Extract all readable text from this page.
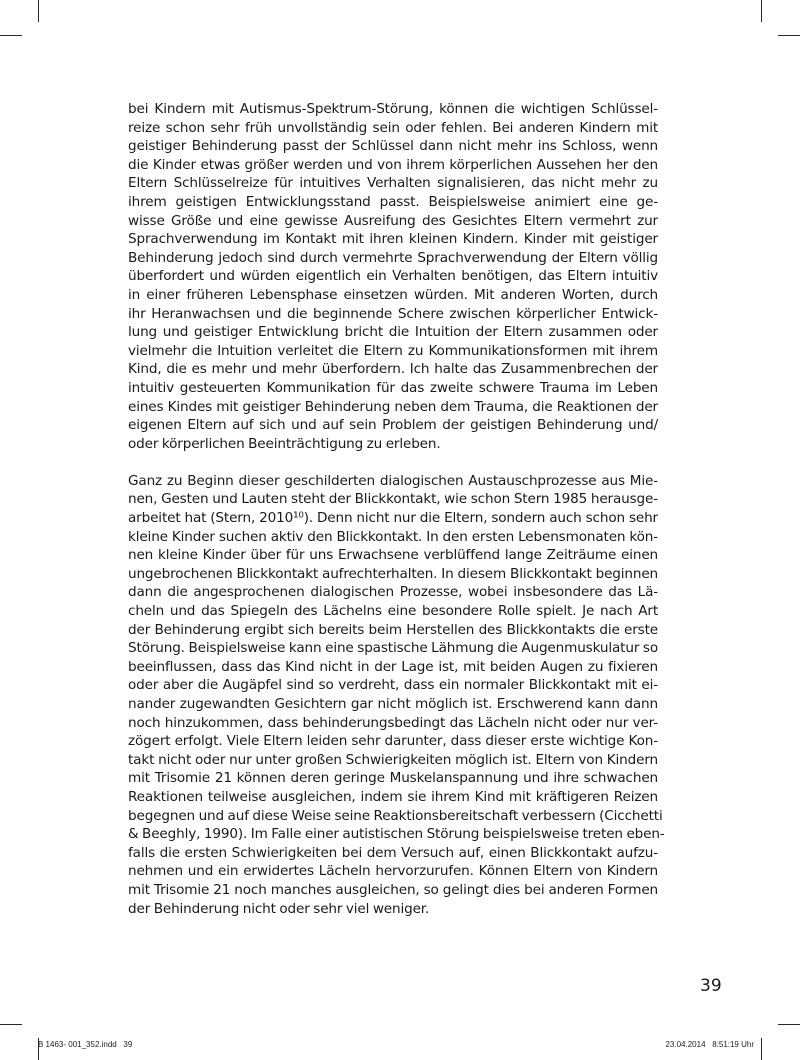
bei Kindern mit Autismus-Spektrum-Störung, können die wichtigen Schlüssel-
reize schon sehr früh unvollständig sein oder fehlen. Bei anderen Kindern mit
geistiger Behinderung passt der Schlüssel dann nicht mehr ins Schloss, wenn
die Kinder etwas größer werden und von ihrem körperlichen Aussehen her den
Eltern Schlüsselreize für intuitives Verhalten signalisieren, das nicht mehr zu
ihrem geistigen Entwicklungsstand passt. Beispielsweise animiert eine ge-
wisse Größe und eine gewisse Ausreifung des Gesichtes Eltern vermehrt zur
Sprachverwendung im Kontakt mit ihren kleinen Kindern. Kinder mit geistiger
Behinderung jedoch sind durch vermehrte Sprachverwendung der Eltern völlig
überfordert und würden eigentlich ein Verhalten benötigen, das Eltern intuitiv
in einer früheren Lebensphase einsetzen würden. Mit anderen Worten, durch
ihr Heranwachsen und die beginnende Schere zwischen körperlicher Entwick-
lung und geistiger Entwicklung bricht die Intuition der Eltern zusammen oder
vielmehr die Intuition verleitet die Eltern zu Kommunikationsformen mit ihrem
Kind, die es mehr und mehr überfordern. Ich halte das Zusammenbrechen der
intuitiv gesteuerten Kommunikation für das zweite schwere Trauma im Leben
eines Kindes mit geistiger Behinderung neben dem Trauma, die Reaktionen der
eigenen Eltern auf sich und auf sein Problem der geistigen Behinderung und/
oder körperlichen Beeinträchtigung zu erleben.

Ganz zu Beginn dieser geschilderten dialogischen Austauschprozesse aus Mie-
nen, Gesten und Lauten steht der Blickkontakt, wie schon Stern 1985 herausge-
arbeitet hat (Stern, 2010¹⁰). Denn nicht nur die Eltern, sondern auch schon sehr
kleine Kinder suchen aktiv den Blickkontakt. In den ersten Lebensmonaten kön-
nen kleine Kinder über für uns Erwachsene verblüffend lange Zeiträume einen
ungebrochenen Blickkontakt aufrechterhalten. In diesem Blickkontakt beginnen
dann die angesprochenen dialogischen Prozesse, wobei insbesondere das Lä-
cheln und das Spiegeln des Lächelns eine besondere Rolle spielt. Je nach Art
der Behinderung ergibt sich bereits beim Herstellen des Blickkontakts die erste
Störung. Beispielsweise kann eine spastische Lähmung die Augenmuskulatur so
beeinflussen, dass das Kind nicht in der Lage ist, mit beiden Augen zu fixieren
oder aber die Augäpfel sind so verdreht, dass ein normaler Blickkontakt mit ei-
nander zugewandten Gesichtern gar nicht möglich ist. Erschwerend kann dann
noch hinzukommen, dass behinderungsbedingt das Lächeln nicht oder nur ver-
zögert erfolgt. Viele Eltern leiden sehr darunter, dass dieser erste wichtige Kon-
takt nicht oder nur unter großen Schwierigkeiten möglich ist. Eltern von Kindern
mit Trisomie 21 können deren geringe Muskelanspannung und ihre schwachen
Reaktionen teilweise ausgleichen, indem sie ihrem Kind mit kräftigeren Reizen
begegnen und auf diese Weise seine Reaktionsbereitschaft verbessern (Cicchetti
& Beeghly, 1990). Im Falle einer autistischen Störung beispielsweise treten eben-
falls die ersten Schwierigkeiten bei dem Versuch auf, einen Blickkontakt aufzu-
nehmen und ein erwidertes Lächeln hervorzurufen. Können Eltern von Kindern
mit Trisomie 21 noch manches ausgleichen, so gelingt dies bei anderen Formen
der Behinderung nicht oder sehr viel weniger.

39
B 1463- 001_352.indd   39	23.04.2014   8:51:19 Uhr
